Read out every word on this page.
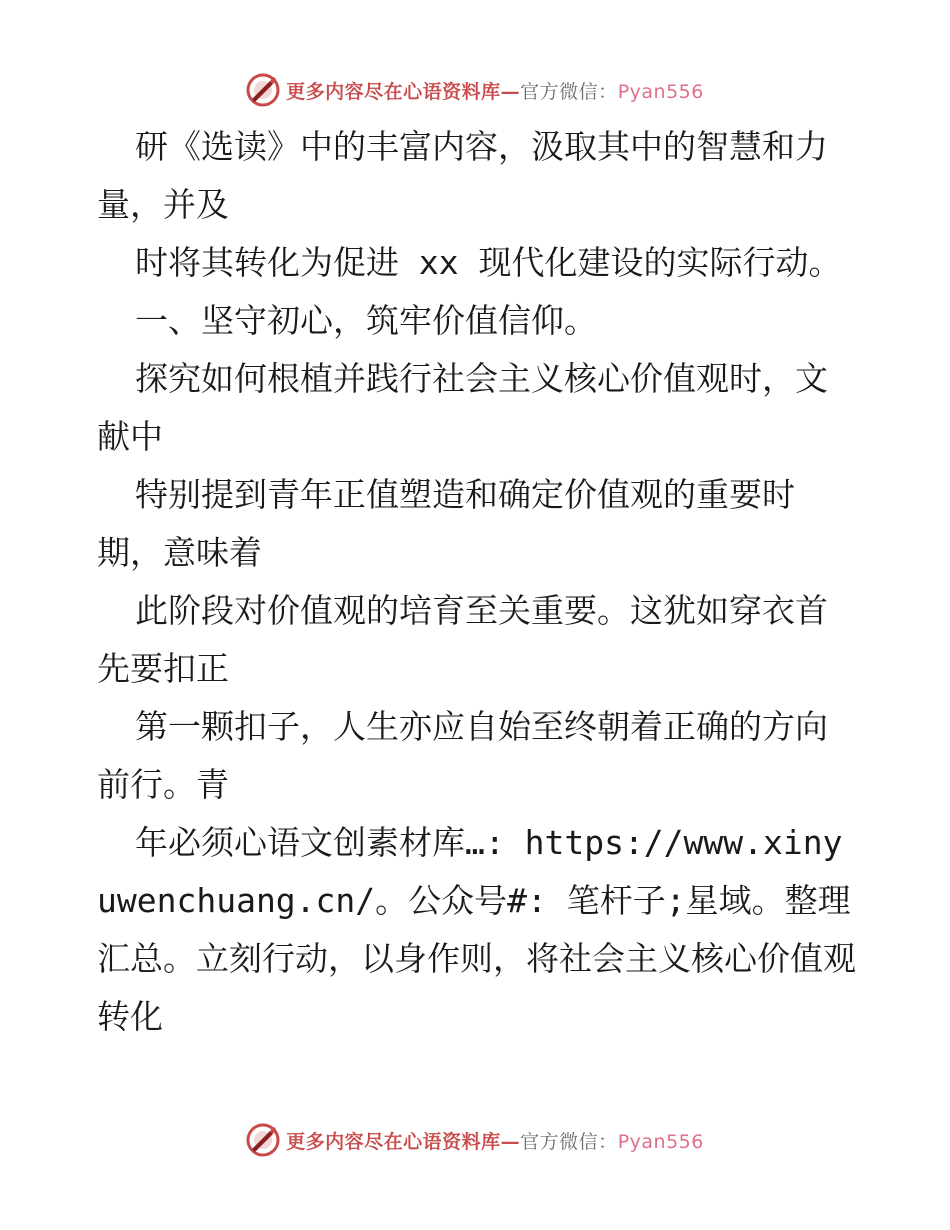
更多内容尽在心语资料库—官方微信：Pyan556

研《选读》中的丰富内容，汲取其中的智慧和力量，并及

时将其转化为促进 xx 现代化建设的实际行动。

一、坚守初心，筑牢价值信仰。

探究如何根植并践行社会主义核心价值观时，文献中

特别提到青年正值塑造和确定价值观的重要时期，意味着

此阶段对价值观的培育至关重要。这犹如穿衣首先要扣正

第一颗扣子，人生亦应自始至终朝着正确的方向前行。青

年必须心语文创素材库…: https://www.xinyuwenchuang.cn/。公众号#: 笔杆子;星域。整理汇总。立刻行动，以身作则，将社会主义核心价值观转化

更多内容尽在心语资料库—官方微信：Pyan556
